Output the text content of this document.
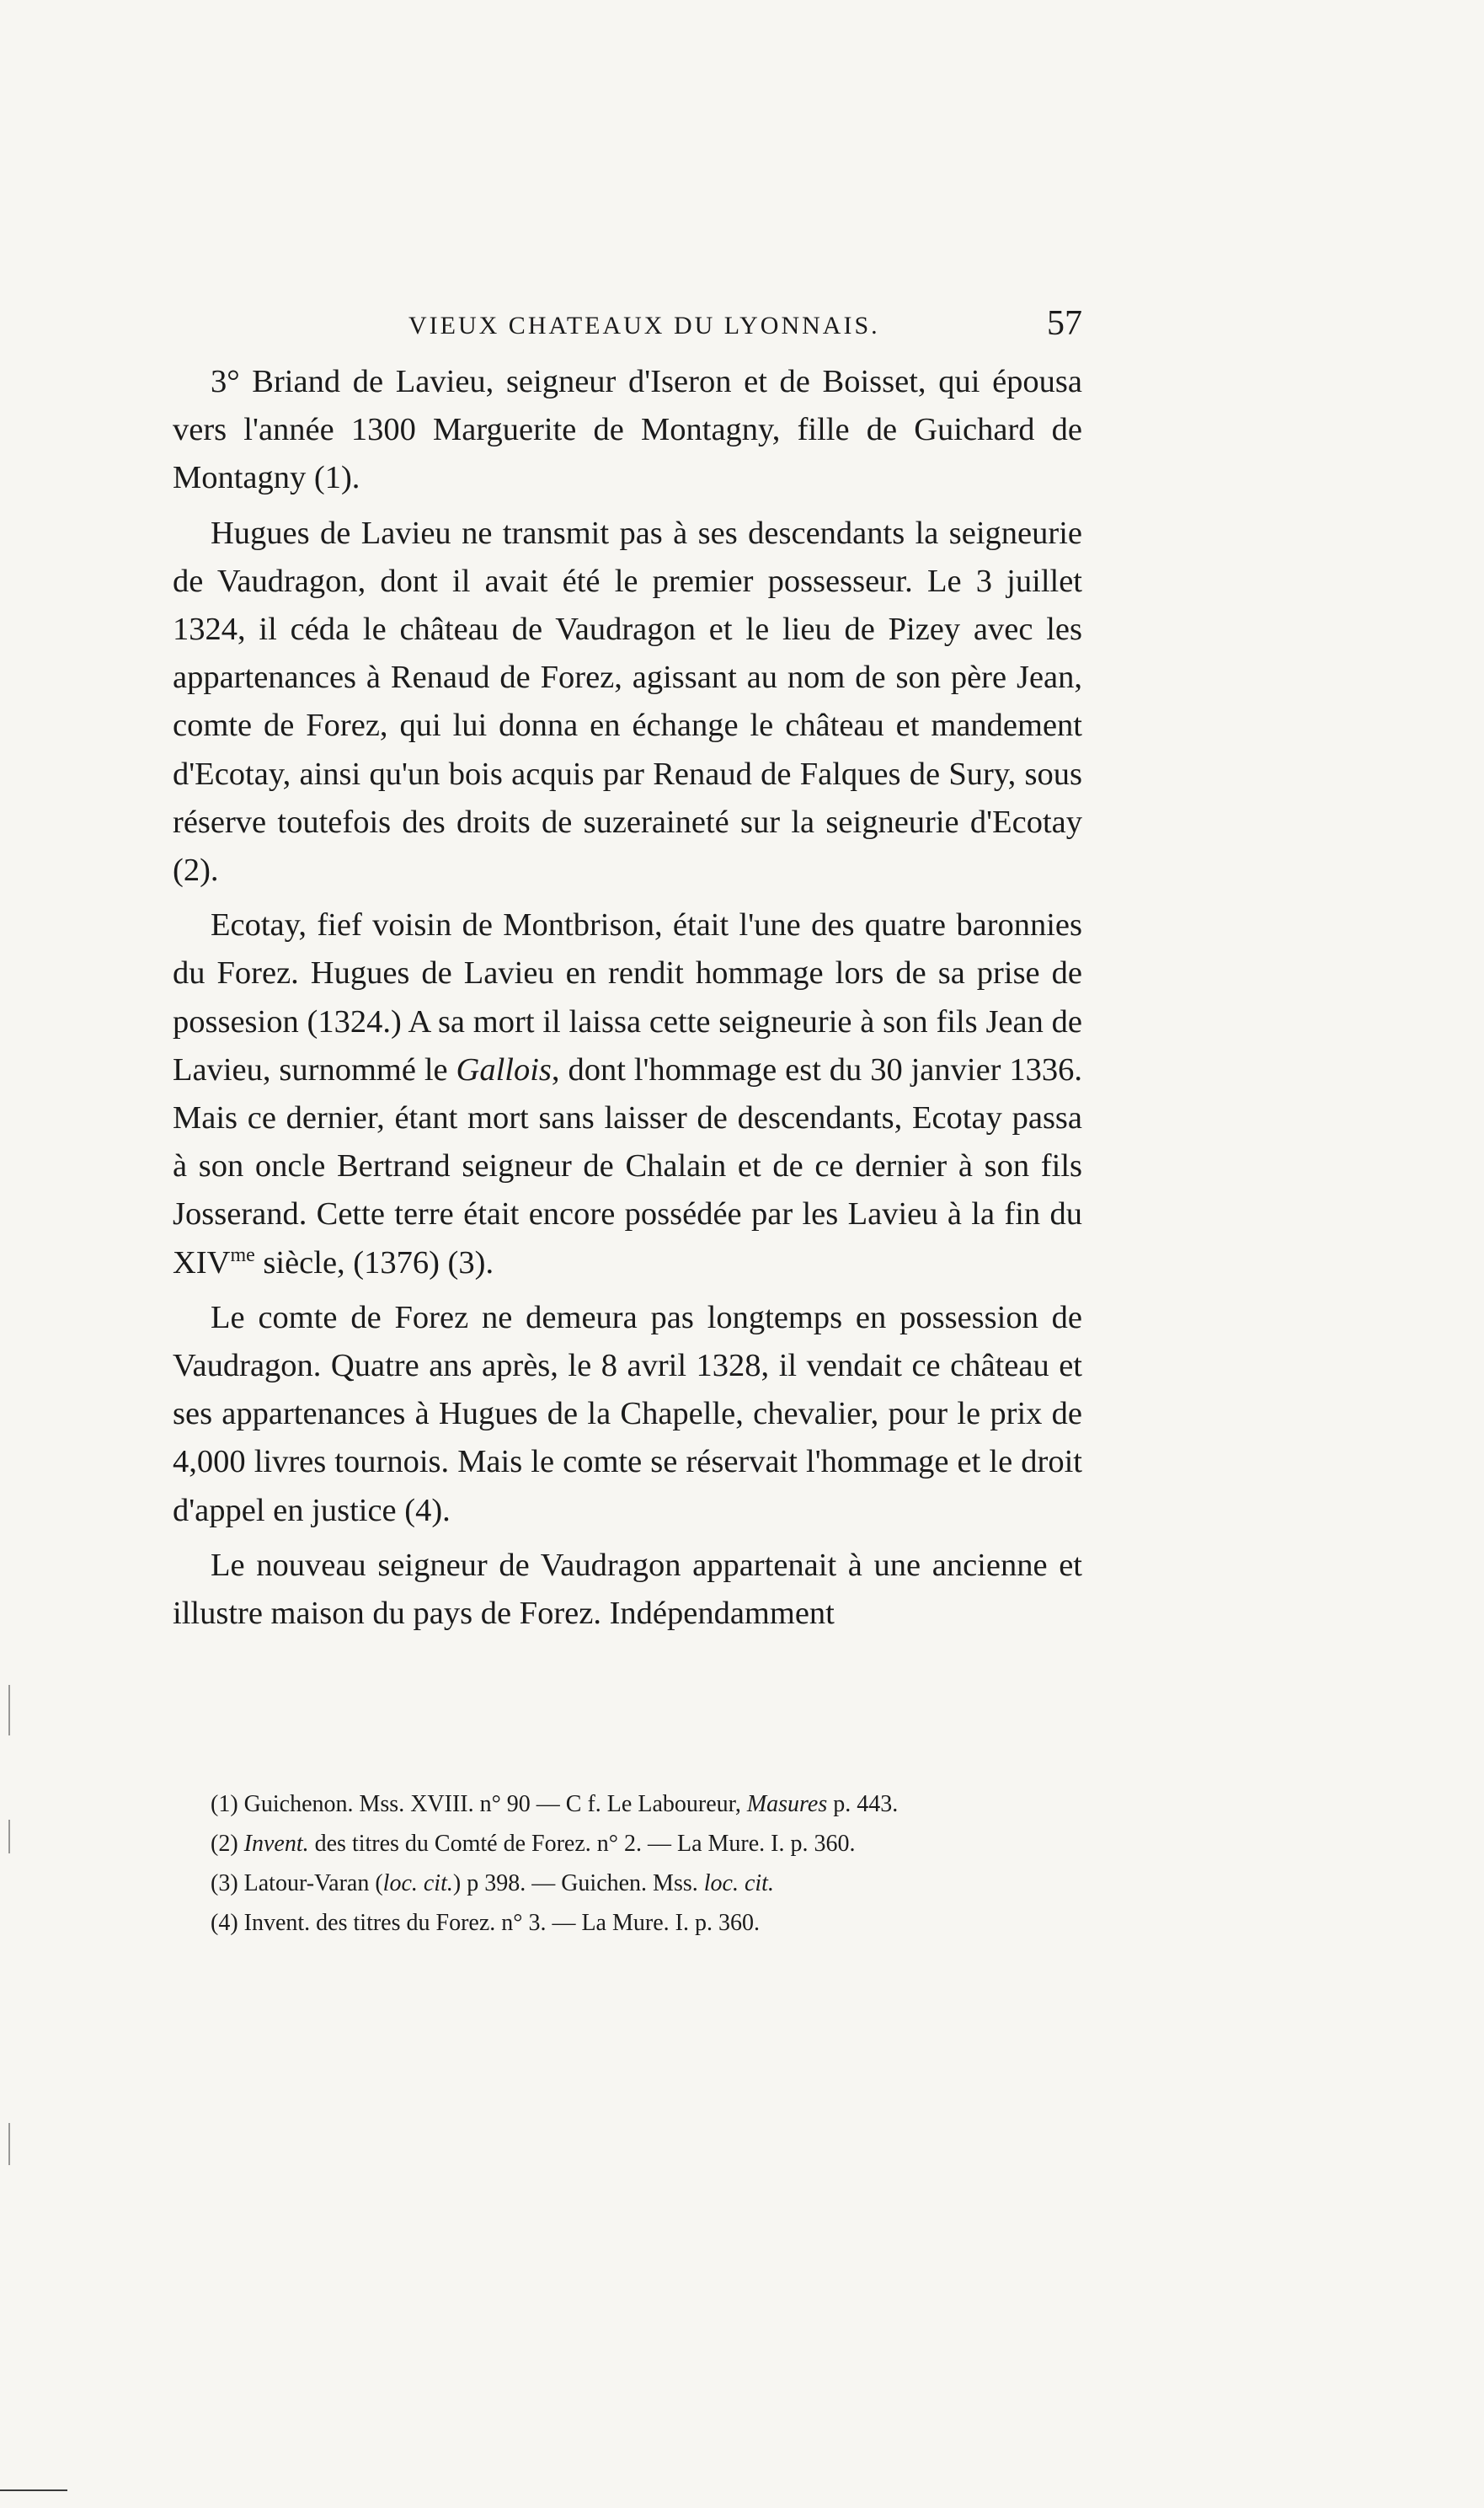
VIEUX CHATEAUX DU LYONNAIS.	57

3° Briand de Lavieu, seigneur d'Iseron et de Boisset, qui épousa vers l'année 1300 Marguerite de Montagny, fille de Guichard de Montagny (1).

Hugues de Lavieu ne transmit pas à ses descendants la seigneurie de Vaudragon, dont il avait été le premier possesseur. Le 3 juillet 1324, il céda le château de Vaudragon et le lieu de Pizey avec les appartenances à Renaud de Forez, agissant au nom de son père Jean, comte de Forez, qui lui donna en échange le château et mandement d'Ecotay, ainsi qu'un bois acquis par Renaud de Falques de Sury, sous réserve toutefois des droits de suzeraineté sur la seigneurie d'Ecotay (2).

Ecotay, fief voisin de Montbrison, était l'une des quatre baronnies du Forez. Hugues de Lavieu en rendit hommage lors de sa prise de possesion (1324.) A sa mort il laissa cette seigneurie à son fils Jean de Lavieu, surnommé le Gallois, dont l'hommage est du 30 janvier 1336. Mais ce dernier, étant mort sans laisser de descendants, Ecotay passa à son oncle Bertrand seigneur de Chalain et de ce dernier à son fils Josserand. Cette terre était encore possédée par les Lavieu à la fin du $XIV^{me}$ siècle, (1376) (3).

Le comte de Forez ne demeura pas longtemps en possession de Vaudragon. Quatre ans après, le 8 avril 1328, il vendait ce château et ses appartenances à Hugues de la Chapelle, chevalier, pour le prix de 4,000 livres tournois. Mais le comte se réservait l'hommage et le droit d'appel en justice (4).

Le nouveau seigneur de Vaudragon appartenait à une ancienne et illustre maison du pays de Forez. Indépendamment

(1) Guichenon. Mss. XVIII. n° 90 — C f. Le Laboureur, Masures p. 443.

(2) Invent. des titres du Comté de Forez. n° 2. — La Mure. I. p. 360.

(3) Latour-Varan (loc. cit.) p 398. — Guichen. Mss. loc. cit.

(4) Invent. des titres du Forez. n° 3. — La Mure. I. p. 360.
